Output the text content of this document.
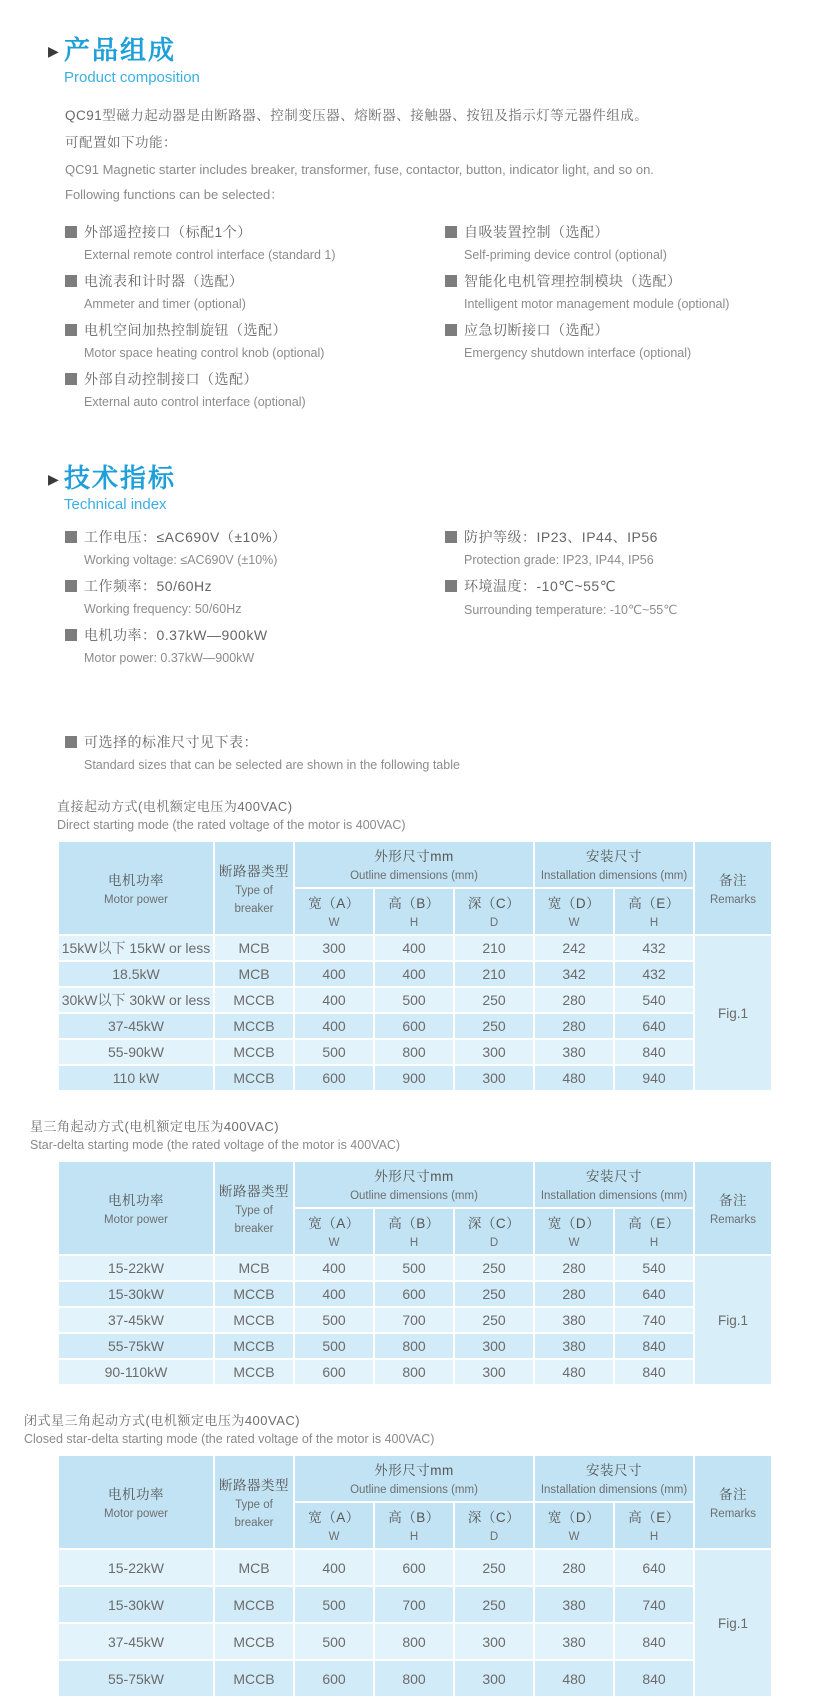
▶ 产品组成
Product composition
QC91型磁力起动器是由断路器、控制变压器、熔断器、接触器、按钮及指示灯等元器件组成。
可配置如下功能：
QC91 Magnetic starter includes breaker, transformer, fuse, contactor, button, indicator light, and so on.
Following functions can be selected：
外部遥控接口（标配1个）
External remote control interface (standard 1)
电流表和计时器（选配）
Ammeter and timer (optional)
电机空间加热控制旋钮（选配）
Motor space heating control knob (optional)
外部自动控制接口（选配）
External auto control interface (optional)
自吸装置控制（选配）
Self-priming device control (optional)
智能化电机管理控制模块（选配）
Intelligent motor management module (optional)
应急切断接口（选配）
Emergency shutdown interface (optional)
▶ 技术指标
Technical index
工作电压：≤AC690V（±10%）
Working voltage: ≤AC690V (±10%)
工作频率：50/60Hz
Working frequency: 50/60Hz
电机功率：0.37kW—900kW
Motor power: 0.37kW—900kW
防护等级：IP23、IP44、IP56
Protection grade: IP23, IP44, IP56
环境温度：-10℃~55℃
Surrounding temperature: -10℃~55℃
可选择的标准尺寸见下表：
Standard sizes that can be selected are shown in the following table
直接起动方式(电机额定电压为400VAC)
Direct starting mode (the rated voltage of the motor is 400VAC)
电机功率
Motor power	断路器类型
Type of breaker	外形尺寸mm
Outline dimensions (mm)			安装尺寸
Installation dimensions (mm)		备注
Remarks
		宽（A）
W	高（B）
H	深（C）
D	宽（D）
W	高（E）
H	
15kW以下 15kW or less	MCB	300	400	210	242	432	Fig.1
18.5kW	MCB	400	400	210	342	432	
30kW以下 30kW or less	MCCB	400	500	250	280	540	
37-45kW	MCCB	400	600	250	280	640	
55-90kW	MCCB	500	800	300	380	840	
110 kW	MCCB	600	900	300	480	940	
星三角起动方式(电机额定电压为400VAC)
Star-delta starting mode (the rated voltage of the motor is 400VAC)
电机功率
Motor power	断路器类型
Type of breaker	外形尺寸mm
Outline dimensions (mm)			安装尺寸
Installation dimensions (mm)		备注
Remarks
		宽（A）
W	高（B）
H	深（C）
D	宽（D）
W	高（E）
H	
15-22kW	MCB	400	500	250	280	540	Fig.1
15-30kW	MCCB	400	600	250	280	640	
37-45kW	MCCB	500	700	250	380	740	
55-75kW	MCCB	500	800	300	380	840	
90-110kW	MCCB	600	800	300	480	840	
闭式星三角起动方式(电机额定电压为400VAC)
Closed star-delta starting mode (the rated voltage of the motor is 400VAC)
电机功率
Motor power	断路器类型
Type of breaker	外形尺寸mm
Outline dimensions (mm)			安装尺寸
Installation dimensions (mm)		备注
Remarks
		宽（A）
W	高（B）
H	深（C）
D	宽（D）
W	高（E）
H	
15-22kW	MCB	400	600	250	280	640	Fig.1
15-30kW	MCCB	500	700	250	380	740	
37-45kW	MCCB	500	800	300	380	840	
55-75kW	MCCB	600	800	300	480	840	
